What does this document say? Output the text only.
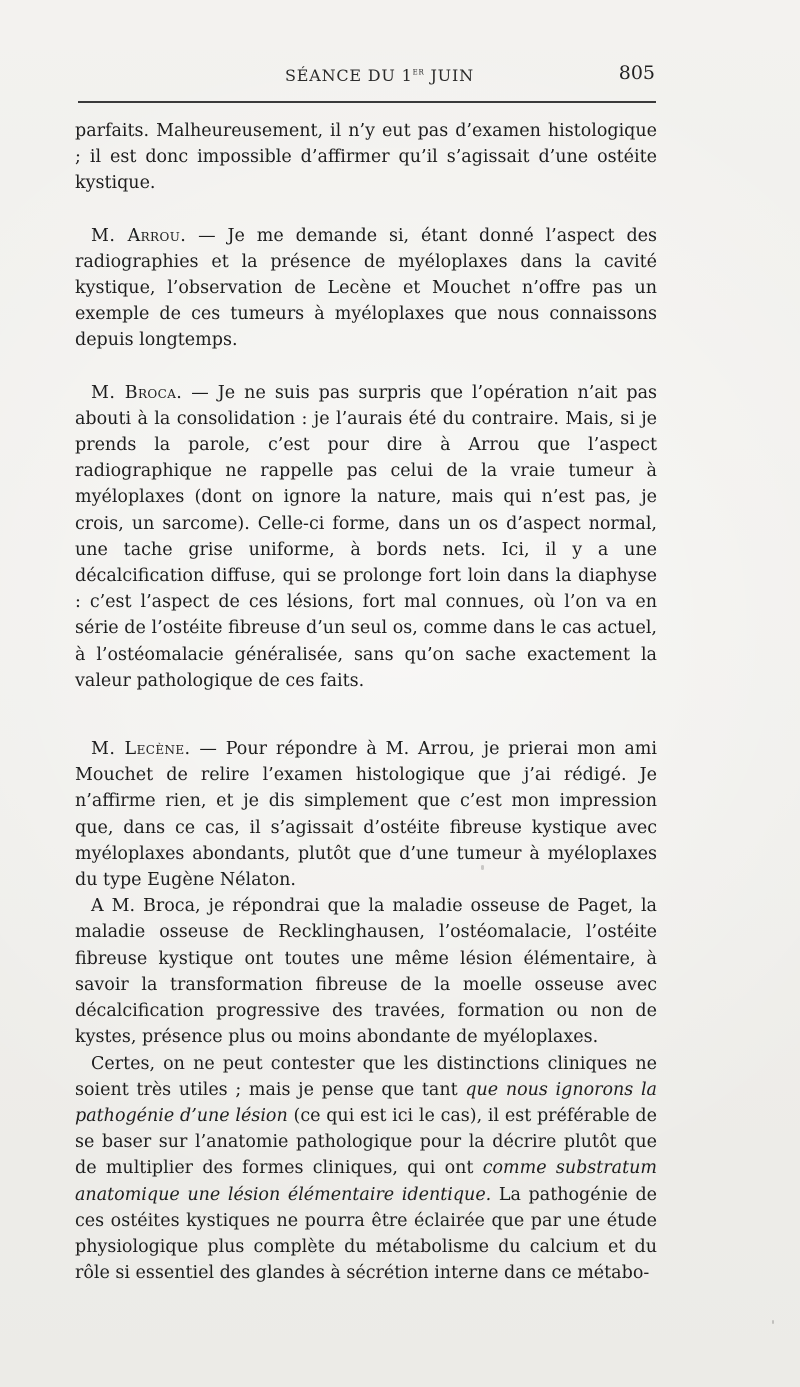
SÉANCE DU 1er JUIN	805

parfaits. Malheureusement, il n’y eut pas d’examen histologique ; il est donc impossible d’affirmer qu’il s’agissait d’une ostéite kystique.

M. Arrou. — Je me demande si, étant donné l’aspect des radiographies et la présence de myéloplaxes dans la cavité kystique, l’observation de Lecène et Mouchet n’offre pas un exemple de ces tumeurs à myéloplaxes que nous connaissons depuis longtemps.

M. Broca. — Je ne suis pas surpris que l’opération n’ait pas abouti à la consolidation : je l’aurais été du contraire. Mais, si je prends la parole, c’est pour dire à Arrou que l’aspect radiographique ne rappelle pas celui de la vraie tumeur à myéloplaxes (dont on ignore la nature, mais qui n’est pas, je crois, un sarcome). Celle-ci forme, dans un os d’aspect normal, une tache grise uniforme, à bords nets. Ici, il y a une décalcification diffuse, qui se prolonge fort loin dans la diaphyse : c’est l’aspect de ces lésions, fort mal connues, où l’on va en série de l’ostéite fibreuse d’un seul os, comme dans le cas actuel, à l’ostéomalacie généralisée, sans qu’on sache exactement la valeur pathologique de ces faits.

M. Lecène. — Pour répondre à M. Arrou, je prierai mon ami Mouchet de relire l’examen histologique que j’ai rédigé. Je n’affirme rien, et je dis simplement que c’est mon impression que, dans ce cas, il s’agissait d’ostéite fibreuse kystique avec myéloplaxes abondants, plutôt que d’une tumeur à myéloplaxes du type Eugène Nélaton.

A M. Broca, je répondrai que la maladie osseuse de Paget, la maladie osseuse de Recklinghausen, l’ostéomalacie, l’ostéite fibreuse kystique ont toutes une même lésion élémentaire, à savoir la transformation fibreuse de la moelle osseuse avec décalcification progressive des travées, formation ou non de kystes, présence plus ou moins abondante de myéloplaxes.

Certes, on ne peut contester que les distinctions cliniques ne soient très utiles ; mais je pense que tant que nous ignorons la pathogénie d’une lésion (ce qui est ici le cas), il est préférable de se baser sur l’anatomie pathologique pour la décrire plutôt que de multiplier des formes cliniques, qui ont comme substratum anatomique une lésion élémentaire identique. La pathogénie de ces ostéites kystiques ne pourra être éclairée que par une étude physiologique plus complète du métabolisme du calcium et du rôle si essentiel des glandes à sécrétion interne dans ce métabo-
